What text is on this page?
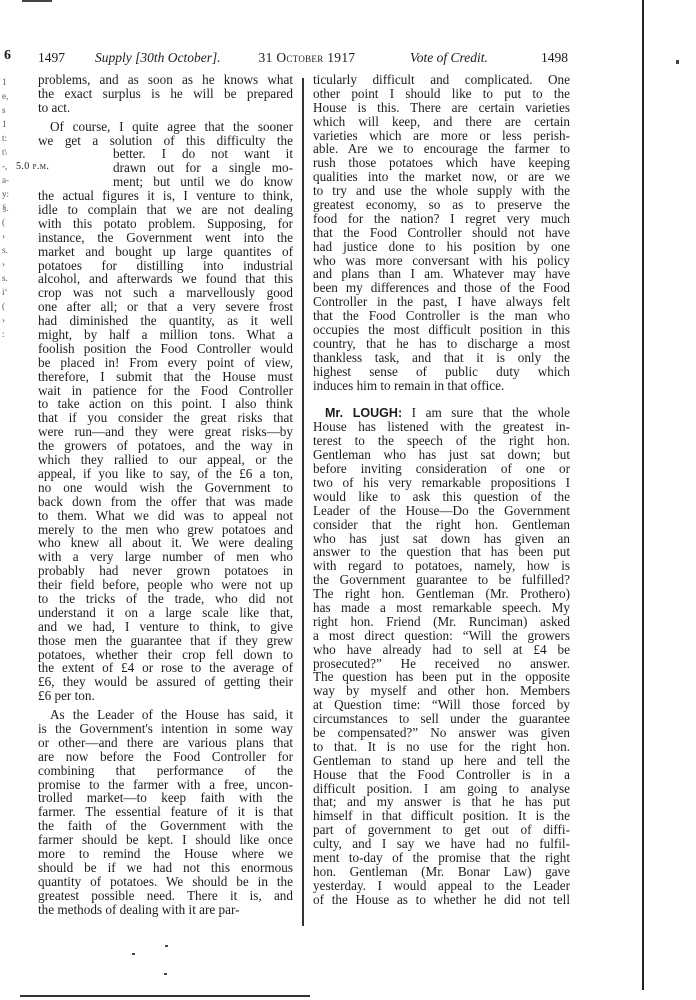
6
1
e,
s
1
t:
t\
-,
a-
y:
§.
(
›
s.
›
s.
iʻ
(
›
:
1497 Supply [30th October].	31 October 1917	Vote of Credit.	1498
problems, and as soon as he knows what
the exact surplus is he will be prepared
to act.
Of course, I quite agree that the sooner
we get a solution of this difficulty the
better. I do not want it
drawn out for a single mo-
ment; but until we do know
the actual figures it is, I venture to think,
idle to complain that we are not dealing
with this potato problem. Supposing, for
instance, the Government went into the
market and bought up large quantites of
potatoes for distilling into industrial
alcohol, and afterwards we found that this
crop was not such a marvellously good
one after all; or that a very severe frost
had diminished the quantity, as it well
might, by half a million tons. What a
foolish position the Food Controller would
be placed in! From every point of view,
therefore, I submit that the House must
wait in patience for the Food Controller
to take action on this point. I also think
that if you consider the great risks that
were run—and they were great risks—by
the growers of potatoes, and the way in
which they rallied to our appeal, or the
appeal, if you like to say, of the £6 a ton,
no one would wish the Government to
back down from the offer that was made
to them. What we did was to appeal not
merely to the men who grew potatoes and
who knew all about it. We were dealing
with a very large number of men who
probably had never grown potatoes in
their field before, people who were not up
to the tricks of the trade, who did not
understand it on a large scale like that,
and we had, I venture to think, to give
those men the guarantee that if they grew
potatoes, whether their crop fell down to
the extent of £4 or rose to the average of
£6, they would be assured of getting their
£6 per ton.
As the Leader of the House has said, it
is the Government's intention in some way
or other—and there are various plans that
are now before the Food Controller for
combining that performance of the
promise to the farmer with a free, uncon-
trolled market—to keep faith with the
farmer. The essential feature of it is that
the faith of the Government with the
farmer should be kept. I should like once
more to remind the House where we
should be if we had not this enormous
quantity of potatoes. We should be in the
greatest possible need. There it is, and
the methods of dealing with it are par-
ticularly difficult and complicated. One
other point I should like to put to the
House is this. There are certain varieties
which will keep, and there are certain
varieties which are more or less perish-
able. Are we to encourage the farmer to
rush those potatoes which have keeping
qualities into the market now, or are we
to try and use the whole supply with the
greatest economy, so as to preserve the
food for the nation? I regret very much
that the Food Controller should not have
had justice done to his position by one
who was more conversant with his policy
and plans than I am. Whatever may have
been my differences and those of the Food
Controller in the past, I have always felt
that the Food Controller is the man who
occupies the most difficult position in this
country, that he has to discharge a most
thankless task, and that it is only the
highest sense of public duty which
induces him to remain in that office.
Mr. LOUGH: I am sure that the whole
House has listened with the greatest in-
terest to the speech of the right hon.
Gentleman who has just sat down; but
before inviting consideration of one or
two of his very remarkable propositions I
would like to ask this question of the
Leader of the House—Do the Government
consider that the right hon. Gentleman
who has just sat down has given an
answer to the question that has been put
with regard to potatoes, namely, how is
the Government guarantee to be fulfilled?
The right hon. Gentleman (Mr. Prothero)
has made a most remarkable speech. My
right hon. Friend (Mr. Runciman) asked
a most direct question: “Will the growers
who have already had to sell at £4 be
prosecuted?” He received no answer.
The question has been put in the opposite
way by myself and other hon. Members
at Question time: “Will those forced by
circumstances to sell under the guarantee
be compensated?” No answer was given
to that. It is no use for the right hon.
Gentleman to stand up here and tell the
House that the Food Controller is in a
difficult position. I am going to analyse
that; and my answer is that he has put
himself in that difficult position. It is the
part of government to get out of diffi-
culty, and I say we have had no fulfil-
ment to-day of the promise that the right
hon. Gentleman (Mr. Bonar Law) gave
yesterday. I would appeal to the Leader
of the House as to whether he did not tell
5.0 p.m.
